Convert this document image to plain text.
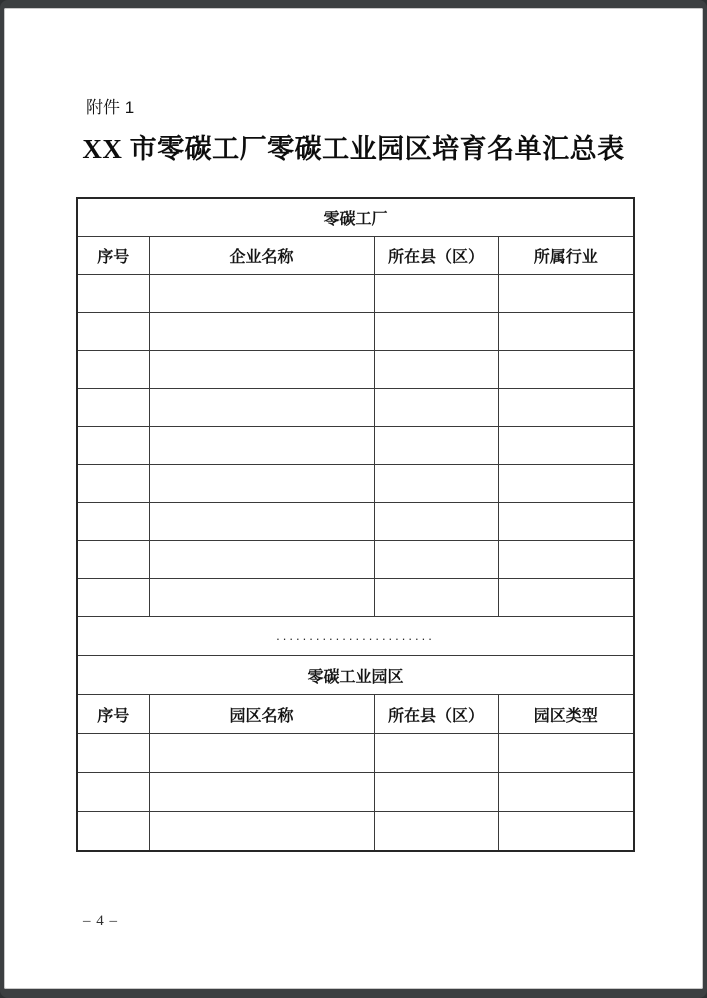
附件 1
XX 市零碳工厂零碳工业园区培育名单汇总表
零碳工厂			
序号	企业名称	所在县（区）	所属行业

........................			
零碳工业园区			
序号	园区名称	所在县（区）	园区类型

– 4 –
